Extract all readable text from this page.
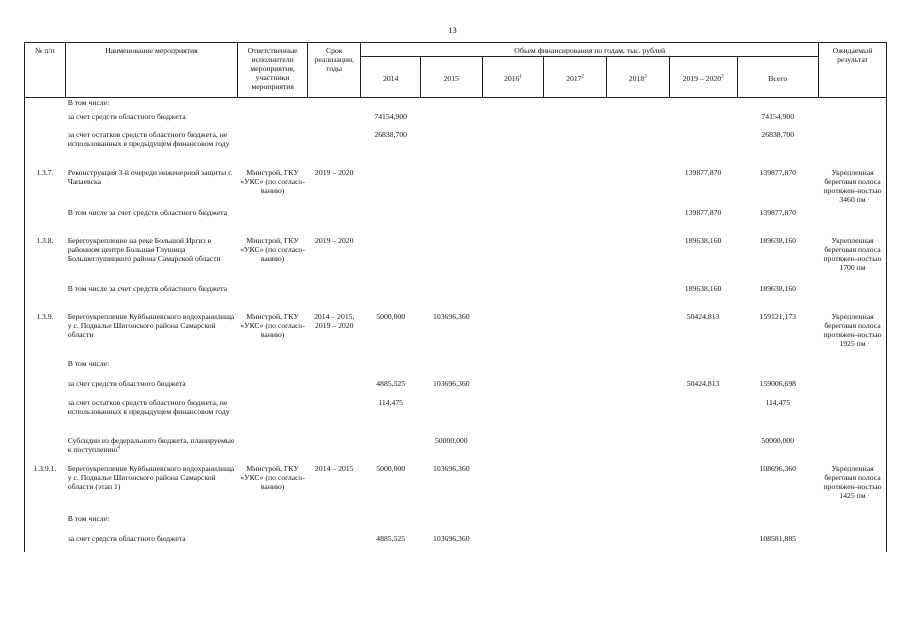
13
№ п/п	Наименование мероприятия	Ответственные исполнители мероприятия, участники мероприятия	Срок реализации, годы	Объем финансирования по годам, тыс. рублей							Ожидаемый результат
				2014	2015	2016$^1$	2017$^2$	2018$^3$	2019 – 2020$^3$	Всего	
	В том числе:										
	за счет средств областного бюджета			74154,900						74154,900	
	за счет остатков средств областного бюджета, не использованных в предыдущем финансовом году			26838,700						26838,700	
1.3.7.	Реконструкция 3-й очереди инженерной защиты г. Чапаевска	Минстрой, ГКУ «УКС» (по согласо-ванию)	2019 – 2020						139877,870	139877,870	Укрепленная береговая полоса протяжен-ностью 3460 пм

	В том числе за счет средств областного бюджета								139877,870	139877,870	
1.3.8.	Берегоукрепление на реке Большой Иргиз в районном центре Большая Глушица Большеглушицкого района Самарской области	Минстрой, ГКУ «УКС» (по согласо-ванию)	2019 – 2020						189638,160	189638,160	Укрепленная береговая полоса протяжен-ностью 1700 пм

	В том числе за счет средств областного бюджета								189638,160	189638,160	
1.3.9.	Берегоукрепление Куйбышевского водохранилища у с. Подвалье Шигонского района Самарской области	Минстрой, ГКУ «УКС» (по согласо-ванию)	2014 – 2015, 2019 – 2020	5000,000	103696,360				50424,813	159121,173	Укрепленная береговая полоса протяжен-ностью 1925 пм

	В том числе:										
	за счет средств областного бюджета			4885,525	103696,360				50424,813	159006,698	
	за счет остатков средств областного бюджета, не использованных в предыдущем финансовом году			114,475						114,475	
	Субсидии из федерального бюджета, планируемые к поступлению$^4$				50000,000					50000,000	
1.3.9.1.	Берегоукрепление Куйбышевского водохранилища у с. Подвалье Шигонского района Самарской области (этап 1)	Минстрой, ГКУ «УКС» (по согласо-ванию)	2014 – 2015	5000,000	103696,360					108696,360	Укрепленная береговая полоса протяжен-ностью 1425 пм

	В том числе:										
	за счет средств областного бюджета			4885,525	103696,360					108581,885	
